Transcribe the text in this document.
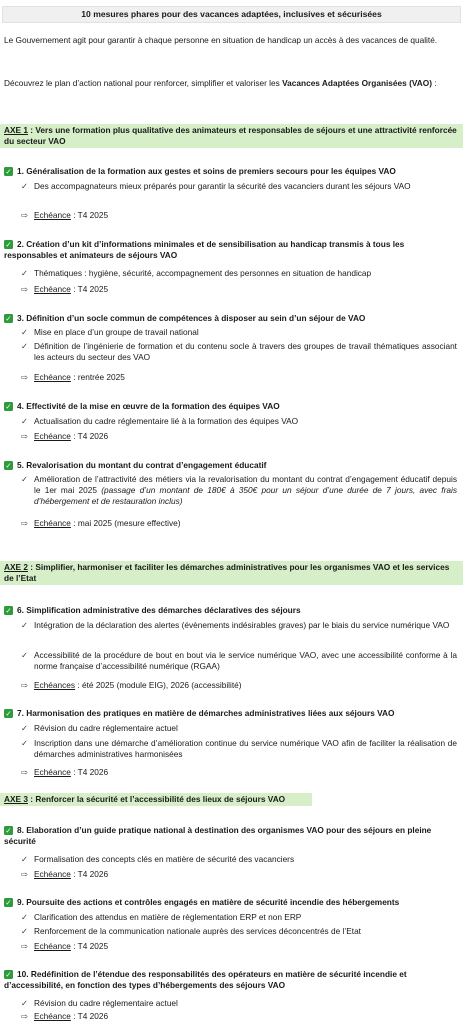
10 mesures phares pour des vacances adaptées, inclusives et sécurisées
Le Gouvernement agit pour garantir à chaque personne en situation de handicap un accès à des vacances de qualité.
Découvrez le plan d’action national pour renforcer, simplifier et valoriser les Vacances Adaptées Organisées (VAO) :
AXE 1 : Vers une formation plus qualitative des animateurs et responsables de séjours et une attractivité renforcée du secteur VAO
✓ 1. Généralisation de la formation aux gestes et soins de premiers secours pour les équipes VAO
✓ Des accompagnateurs mieux préparés pour garantir la sécurité des vacanciers durant les séjours VAO
⇨ Echéance : T4 2025
✓ 2. Création d’un kit d’informations minimales et de sensibilisation au handicap transmis à tous les responsables et animateurs de séjours VAO
✓ Thématiques : hygiène, sécurité, accompagnement des personnes en situation de handicap
⇨ Echéance : T4 2025
✓ 3. Définition d’un socle commun de compétences à disposer au sein d’un séjour de VAO
✓ Mise en place d’un groupe de travail national
✓ Définition de l’ingénierie de formation et du contenu socle à travers des groupes de travail thématiques associant les acteurs du secteur des VAO
⇨ Echéance : rentrée 2025
✓ 4. Effectivité de la mise en œuvre de la formation des équipes VAO
✓ Actualisation du cadre réglementaire lié à la formation des équipes VAO
⇨ Echéance : T4 2026
✓ 5. Revalorisation du montant du contrat d’engagement éducatif
✓ Amélioration de l’attractivité des métiers via la revalorisation du montant du contrat d’engagement éducatif depuis le 1er mai 2025 (passage d’un montant de 180€ à 350€ pour un séjour d’une durée de 7 jours, avec frais d’hébergement et de restauration inclus)
⇨ Echéance : mai 2025 (mesure effective)
AXE 2 : Simplifier, harmoniser et faciliter les démarches administratives pour les organismes VAO et les services de l’Etat
✓ 6. Simplification administrative des démarches déclaratives des séjours
✓ Intégration de la déclaration des alertes (évènements indésirables graves) par le biais du service numérique VAO
✓ Accessibilité de la procédure de bout en bout via le service numérique VAO, avec une accessibilité conforme à la norme française d’accessibilité numérique (RGAA)
⇨ Echéances : été 2025 (module EIG), 2026 (accessibilité)
✓ 7. Harmonisation des pratiques en matière de démarches administratives liées aux séjours VAO
✓ Révision du cadre réglementaire actuel
✓ Inscription dans une démarche d’amélioration continue du service numérique VAO afin de faciliter la réalisation de démarches administratives harmonisées
⇨ Echéance : T4 2026
AXE 3 : Renforcer la sécurité et l’accessibilité des lieux de séjours VAO
✓ 8. Elaboration d’un guide pratique national à destination des organismes VAO pour des séjours en pleine sécurité
✓ Formalisation des concepts clés en matière de sécurité des vacanciers
⇨ Echéance : T4 2026
✓ 9. Poursuite des actions et contrôles engagés en matière de sécurité incendie des hébergements
✓ Clarification des attendus en matière de règlementation ERP et non ERP
✓ Renforcement de la communication nationale auprès des services déconcentrés de l’Etat
⇨ Echéance : T4 2025
✓ 10. Redéfinition de l’étendue des responsabilités des opérateurs en matière de sécurité incendie et d’accessibilité, en fonction des types d’hébergements des séjours VAO
✓ Révision du cadre réglementaire actuel
⇨ Echéance : T4 2026
